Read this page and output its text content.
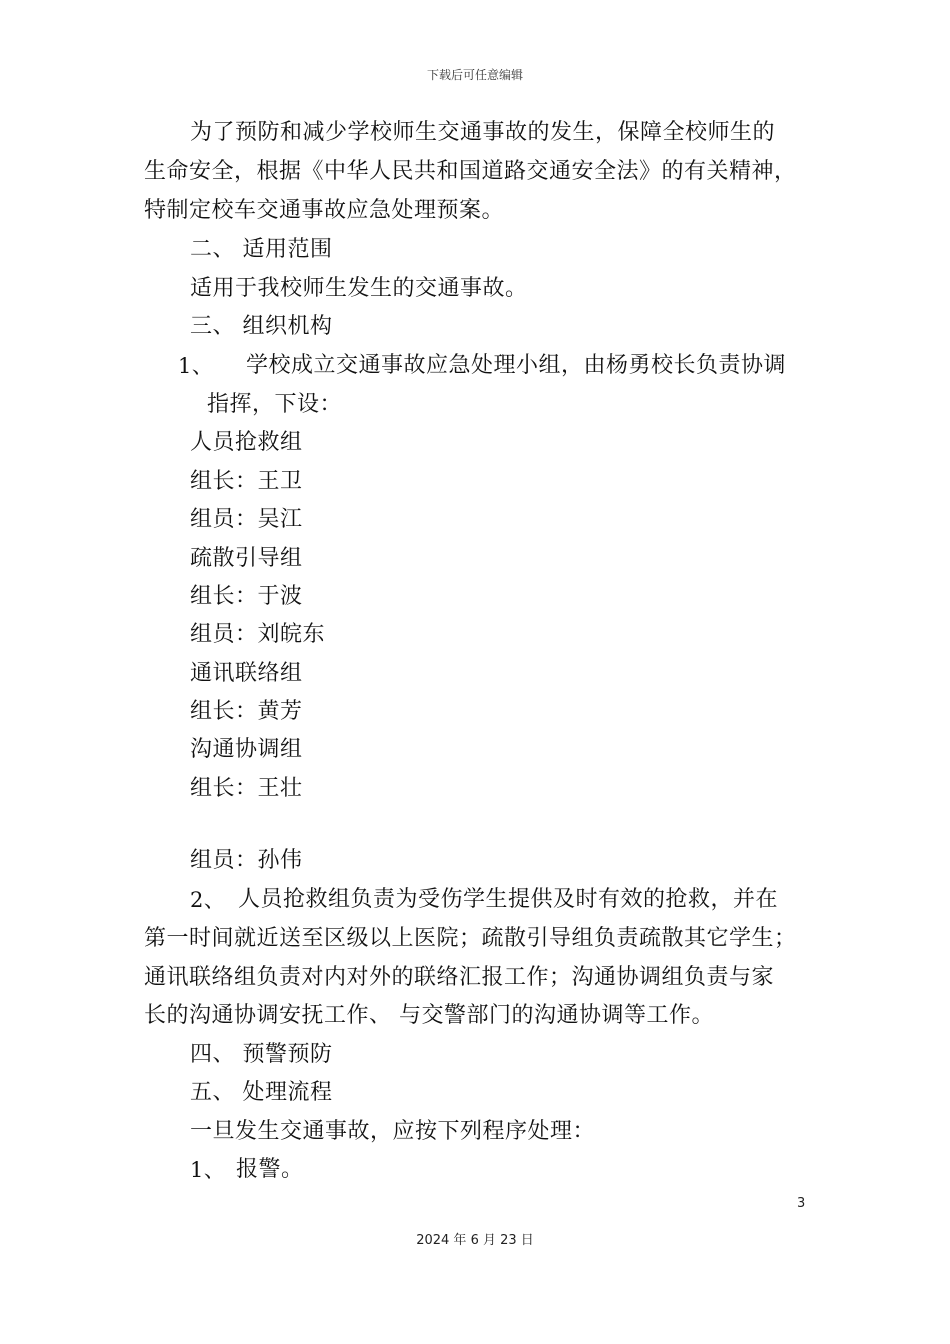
下载后可任意编辑
为了预防和减少学校师生交通事故的发生，保障全校师生的
生命安全，根据《中华人民共和国道路交通安全法》的有关精神，
特制定校车交通事故应急处理预案。
二、 适用范围
适用于我校师生发生的交通事故。
三、 组织机构
1、 学校成立交通事故应急处理小组，由杨勇校长负责协调
指挥，下设：
人员抢救组
组长：王卫
组员：吴江
疏散引导组
组长：于波
组员：刘皖东
通讯联络组
组长：黄芳
沟通协调组
组长：王壮
组员：孙伟
2、 人员抢救组负责为受伤学生提供及时有效的抢救，并在
第一时间就近送至区级以上医院；疏散引导组负责疏散其它学生；
通讯联络组负责对内对外的联络汇报工作；沟通协调组负责与家
长的沟通协调安抚工作、 与交警部门的沟通协调等工作。
四、 预警预防
五、 处理流程
一旦发生交通事故，应按下列程序处理：
1、 报警。
3
2024 年 6 月 23 日
